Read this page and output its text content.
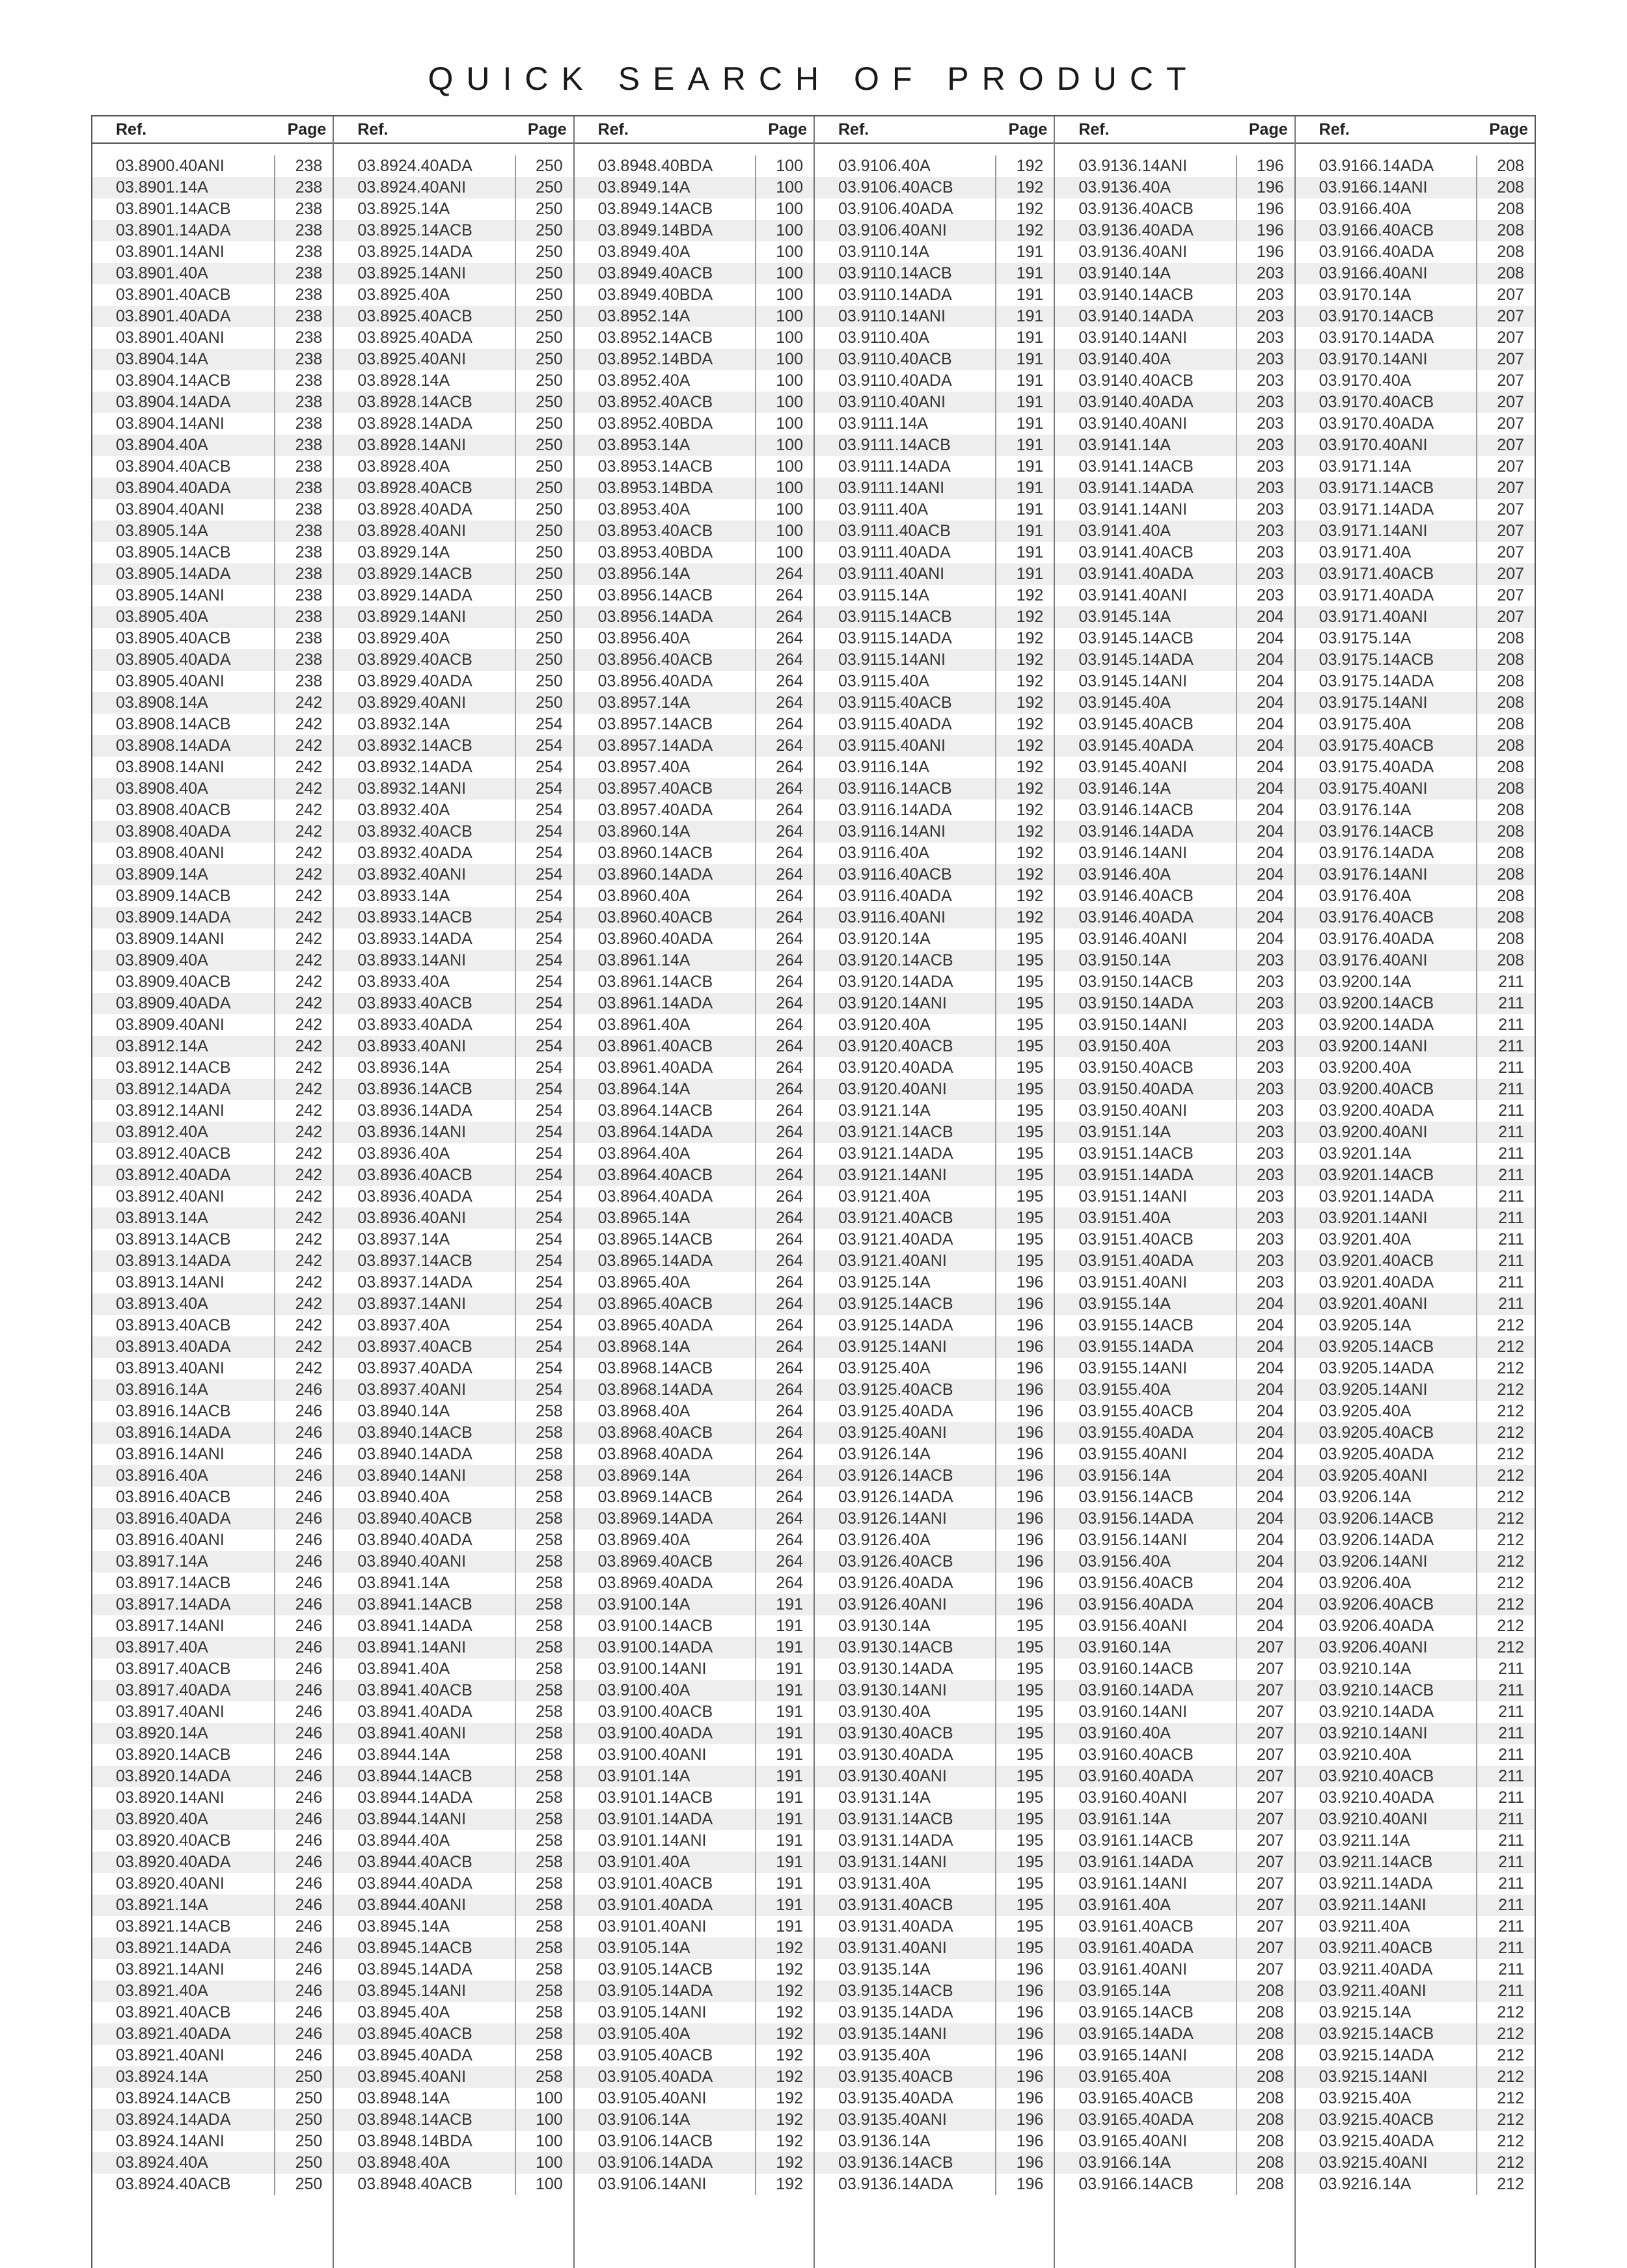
QUICK SEARCH OF PRODUCT
Ref.	Page
03.8900.40ANI	238
03.8901.14A	238
03.8901.14ACB	238
03.8901.14ADA	238
03.8901.14ANI	238
03.8901.40A	238
03.8901.40ACB	238
03.8901.40ADA	238
03.8901.40ANI	238
03.8904.14A	238
03.8904.14ACB	238
03.8904.14ADA	238
03.8904.14ANI	238
03.8904.40A	238
03.8904.40ACB	238
03.8904.40ADA	238
03.8904.40ANI	238
03.8905.14A	238
03.8905.14ACB	238
03.8905.14ADA	238
03.8905.14ANI	238
03.8905.40A	238
03.8905.40ACB	238
03.8905.40ADA	238
03.8905.40ANI	238
03.8908.14A	242
03.8908.14ACB	242
03.8908.14ADA	242
03.8908.14ANI	242
03.8908.40A	242
03.8908.40ACB	242
03.8908.40ADA	242
03.8908.40ANI	242
03.8909.14A	242
03.8909.14ACB	242
03.8909.14ADA	242
03.8909.14ANI	242
03.8909.40A	242
03.8909.40ACB	242
03.8909.40ADA	242
03.8909.40ANI	242
03.8912.14A	242
03.8912.14ACB	242
03.8912.14ADA	242
03.8912.14ANI	242
03.8912.40A	242
03.8912.40ACB	242
03.8912.40ADA	242
03.8912.40ANI	242
03.8913.14A	242
03.8913.14ACB	242
03.8913.14ADA	242
03.8913.14ANI	242
03.8913.40A	242
03.8913.40ACB	242
03.8913.40ADA	242
03.8913.40ANI	242
03.8916.14A	246
03.8916.14ACB	246
03.8916.14ADA	246
03.8916.14ANI	246
03.8916.40A	246
03.8916.40ACB	246
03.8916.40ADA	246
03.8916.40ANI	246
03.8917.14A	246
03.8917.14ACB	246
03.8917.14ADA	246
03.8917.14ANI	246
03.8917.40A	246
03.8917.40ACB	246
03.8917.40ADA	246
03.8917.40ANI	246
03.8920.14A	246
03.8920.14ACB	246
03.8920.14ADA	246
03.8920.14ANI	246
03.8920.40A	246
03.8920.40ACB	246
03.8920.40ADA	246
03.8920.40ANI	246
03.8921.14A	246
03.8921.14ACB	246
03.8921.14ADA	246
03.8921.14ANI	246
03.8921.40A	246
03.8921.40ACB	246
03.8921.40ADA	246
03.8921.40ANI	246
03.8924.14A	250
03.8924.14ACB	250
03.8924.14ADA	250
03.8924.14ANI	250
03.8924.40A	250
03.8924.40ACB	250
Ref.	Page
03.8924.40ADA	250
03.8924.40ANI	250
03.8925.14A	250
03.8925.14ACB	250
03.8925.14ADA	250
03.8925.14ANI	250
03.8925.40A	250
03.8925.40ACB	250
03.8925.40ADA	250
03.8925.40ANI	250
03.8928.14A	250
03.8928.14ACB	250
03.8928.14ADA	250
03.8928.14ANI	250
03.8928.40A	250
03.8928.40ACB	250
03.8928.40ADA	250
03.8928.40ANI	250
03.8929.14A	250
03.8929.14ACB	250
03.8929.14ADA	250
03.8929.14ANI	250
03.8929.40A	250
03.8929.40ACB	250
03.8929.40ADA	250
03.8929.40ANI	250
03.8932.14A	254
03.8932.14ACB	254
03.8932.14ADA	254
03.8932.14ANI	254
03.8932.40A	254
03.8932.40ACB	254
03.8932.40ADA	254
03.8932.40ANI	254
03.8933.14A	254
03.8933.14ACB	254
03.8933.14ADA	254
03.8933.14ANI	254
03.8933.40A	254
03.8933.40ACB	254
03.8933.40ADA	254
03.8933.40ANI	254
03.8936.14A	254
03.8936.14ACB	254
03.8936.14ADA	254
03.8936.14ANI	254
03.8936.40A	254
03.8936.40ACB	254
03.8936.40ADA	254
03.8936.40ANI	254
03.8937.14A	254
03.8937.14ACB	254
03.8937.14ADA	254
03.8937.14ANI	254
03.8937.40A	254
03.8937.40ACB	254
03.8937.40ADA	254
03.8937.40ANI	254
03.8940.14A	258
03.8940.14ACB	258
03.8940.14ADA	258
03.8940.14ANI	258
03.8940.40A	258
03.8940.40ACB	258
03.8940.40ADA	258
03.8940.40ANI	258
03.8941.14A	258
03.8941.14ACB	258
03.8941.14ADA	258
03.8941.14ANI	258
03.8941.40A	258
03.8941.40ACB	258
03.8941.40ADA	258
03.8941.40ANI	258
03.8944.14A	258
03.8944.14ACB	258
03.8944.14ADA	258
03.8944.14ANI	258
03.8944.40A	258
03.8944.40ACB	258
03.8944.40ADA	258
03.8944.40ANI	258
03.8945.14A	258
03.8945.14ACB	258
03.8945.14ADA	258
03.8945.14ANI	258
03.8945.40A	258
03.8945.40ACB	258
03.8945.40ADA	258
03.8945.40ANI	258
03.8948.14A	100
03.8948.14ACB	100
03.8948.14BDA	100
03.8948.40A	100
03.8948.40ACB	100
Ref.	Page
03.8948.40BDA	100
03.8949.14A	100
03.8949.14ACB	100
03.8949.14BDA	100
03.8949.40A	100
03.8949.40ACB	100
03.8949.40BDA	100
03.8952.14A	100
03.8952.14ACB	100
03.8952.14BDA	100
03.8952.40A	100
03.8952.40ACB	100
03.8952.40BDA	100
03.8953.14A	100
03.8953.14ACB	100
03.8953.14BDA	100
03.8953.40A	100
03.8953.40ACB	100
03.8953.40BDA	100
03.8956.14A	264
03.8956.14ACB	264
03.8956.14ADA	264
03.8956.40A	264
03.8956.40ACB	264
03.8956.40ADA	264
03.8957.14A	264
03.8957.14ACB	264
03.8957.14ADA	264
03.8957.40A	264
03.8957.40ACB	264
03.8957.40ADA	264
03.8960.14A	264
03.8960.14ACB	264
03.8960.14ADA	264
03.8960.40A	264
03.8960.40ACB	264
03.8960.40ADA	264
03.8961.14A	264
03.8961.14ACB	264
03.8961.14ADA	264
03.8961.40A	264
03.8961.40ACB	264
03.8961.40ADA	264
03.8964.14A	264
03.8964.14ACB	264
03.8964.14ADA	264
03.8964.40A	264
03.8964.40ACB	264
03.8964.40ADA	264
03.8965.14A	264
03.8965.14ACB	264
03.8965.14ADA	264
03.8965.40A	264
03.8965.40ACB	264
03.8965.40ADA	264
03.8968.14A	264
03.8968.14ACB	264
03.8968.14ADA	264
03.8968.40A	264
03.8968.40ACB	264
03.8968.40ADA	264
03.8969.14A	264
03.8969.14ACB	264
03.8969.14ADA	264
03.8969.40A	264
03.8969.40ACB	264
03.8969.40ADA	264
03.9100.14A	191
03.9100.14ACB	191
03.9100.14ADA	191
03.9100.14ANI	191
03.9100.40A	191
03.9100.40ACB	191
03.9100.40ADA	191
03.9100.40ANI	191
03.9101.14A	191
03.9101.14ACB	191
03.9101.14ADA	191
03.9101.14ANI	191
03.9101.40A	191
03.9101.40ACB	191
03.9101.40ADA	191
03.9101.40ANI	191
03.9105.14A	192
03.9105.14ACB	192
03.9105.14ADA	192
03.9105.14ANI	192
03.9105.40A	192
03.9105.40ACB	192
03.9105.40ADA	192
03.9105.40ANI	192
03.9106.14A	192
03.9106.14ACB	192
03.9106.14ADA	192
03.9106.14ANI	192
Ref.	Page
03.9106.40A	192
03.9106.40ACB	192
03.9106.40ADA	192
03.9106.40ANI	192
03.9110.14A	191
03.9110.14ACB	191
03.9110.14ADA	191
03.9110.14ANI	191
03.9110.40A	191
03.9110.40ACB	191
03.9110.40ADA	191
03.9110.40ANI	191
03.9111.14A	191
03.9111.14ACB	191
03.9111.14ADA	191
03.9111.14ANI	191
03.9111.40A	191
03.9111.40ACB	191
03.9111.40ADA	191
03.9111.40ANI	191
03.9115.14A	192
03.9115.14ACB	192
03.9115.14ADA	192
03.9115.14ANI	192
03.9115.40A	192
03.9115.40ACB	192
03.9115.40ADA	192
03.9115.40ANI	192
03.9116.14A	192
03.9116.14ACB	192
03.9116.14ADA	192
03.9116.14ANI	192
03.9116.40A	192
03.9116.40ACB	192
03.9116.40ADA	192
03.9116.40ANI	192
03.9120.14A	195
03.9120.14ACB	195
03.9120.14ADA	195
03.9120.14ANI	195
03.9120.40A	195
03.9120.40ACB	195
03.9120.40ADA	195
03.9120.40ANI	195
03.9121.14A	195
03.9121.14ACB	195
03.9121.14ADA	195
03.9121.14ANI	195
03.9121.40A	195
03.9121.40ACB	195
03.9121.40ADA	195
03.9121.40ANI	195
03.9125.14A	196
03.9125.14ACB	196
03.9125.14ADA	196
03.9125.14ANI	196
03.9125.40A	196
03.9125.40ACB	196
03.9125.40ADA	196
03.9125.40ANI	196
03.9126.14A	196
03.9126.14ACB	196
03.9126.14ADA	196
03.9126.14ANI	196
03.9126.40A	196
03.9126.40ACB	196
03.9126.40ADA	196
03.9126.40ANI	196
03.9130.14A	195
03.9130.14ACB	195
03.9130.14ADA	195
03.9130.14ANI	195
03.9130.40A	195
03.9130.40ACB	195
03.9130.40ADA	195
03.9130.40ANI	195
03.9131.14A	195
03.9131.14ACB	195
03.9131.14ADA	195
03.9131.14ANI	195
03.9131.40A	195
03.9131.40ACB	195
03.9131.40ADA	195
03.9131.40ANI	195
03.9135.14A	196
03.9135.14ACB	196
03.9135.14ADA	196
03.9135.14ANI	196
03.9135.40A	196
03.9135.40ACB	196
03.9135.40ADA	196
03.9135.40ANI	196
03.9136.14A	196
03.9136.14ACB	196
03.9136.14ADA	196
Ref.	Page
03.9136.14ANI	196
03.9136.40A	196
03.9136.40ACB	196
03.9136.40ADA	196
03.9136.40ANI	196
03.9140.14A	203
03.9140.14ACB	203
03.9140.14ADA	203
03.9140.14ANI	203
03.9140.40A	203
03.9140.40ACB	203
03.9140.40ADA	203
03.9140.40ANI	203
03.9141.14A	203
03.9141.14ACB	203
03.9141.14ADA	203
03.9141.14ANI	203
03.9141.40A	203
03.9141.40ACB	203
03.9141.40ADA	203
03.9141.40ANI	203
03.9145.14A	204
03.9145.14ACB	204
03.9145.14ADA	204
03.9145.14ANI	204
03.9145.40A	204
03.9145.40ACB	204
03.9145.40ADA	204
03.9145.40ANI	204
03.9146.14A	204
03.9146.14ACB	204
03.9146.14ADA	204
03.9146.14ANI	204
03.9146.40A	204
03.9146.40ACB	204
03.9146.40ADA	204
03.9146.40ANI	204
03.9150.14A	203
03.9150.14ACB	203
03.9150.14ADA	203
03.9150.14ANI	203
03.9150.40A	203
03.9150.40ACB	203
03.9150.40ADA	203
03.9150.40ANI	203
03.9151.14A	203
03.9151.14ACB	203
03.9151.14ADA	203
03.9151.14ANI	203
03.9151.40A	203
03.9151.40ACB	203
03.9151.40ADA	203
03.9151.40ANI	203
03.9155.14A	204
03.9155.14ACB	204
03.9155.14ADA	204
03.9155.14ANI	204
03.9155.40A	204
03.9155.40ACB	204
03.9155.40ADA	204
03.9155.40ANI	204
03.9156.14A	204
03.9156.14ACB	204
03.9156.14ADA	204
03.9156.14ANI	204
03.9156.40A	204
03.9156.40ACB	204
03.9156.40ADA	204
03.9156.40ANI	204
03.9160.14A	207
03.9160.14ACB	207
03.9160.14ADA	207
03.9160.14ANI	207
03.9160.40A	207
03.9160.40ACB	207
03.9160.40ADA	207
03.9160.40ANI	207
03.9161.14A	207
03.9161.14ACB	207
03.9161.14ADA	207
03.9161.14ANI	207
03.9161.40A	207
03.9161.40ACB	207
03.9161.40ADA	207
03.9161.40ANI	207
03.9165.14A	208
03.9165.14ACB	208
03.9165.14ADA	208
03.9165.14ANI	208
03.9165.40A	208
03.9165.40ACB	208
03.9165.40ADA	208
03.9165.40ANI	208
03.9166.14A	208
03.9166.14ACB	208
Ref.	Page
03.9166.14ADA	208
03.9166.14ANI	208
03.9166.40A	208
03.9166.40ACB	208
03.9166.40ADA	208
03.9166.40ANI	208
03.9170.14A	207
03.9170.14ACB	207
03.9170.14ADA	207
03.9170.14ANI	207
03.9170.40A	207
03.9170.40ACB	207
03.9170.40ADA	207
03.9170.40ANI	207
03.9171.14A	207
03.9171.14ACB	207
03.9171.14ADA	207
03.9171.14ANI	207
03.9171.40A	207
03.9171.40ACB	207
03.9171.40ADA	207
03.9171.40ANI	207
03.9175.14A	208
03.9175.14ACB	208
03.9175.14ADA	208
03.9175.14ANI	208
03.9175.40A	208
03.9175.40ACB	208
03.9175.40ADA	208
03.9175.40ANI	208
03.9176.14A	208
03.9176.14ACB	208
03.9176.14ADA	208
03.9176.14ANI	208
03.9176.40A	208
03.9176.40ACB	208
03.9176.40ADA	208
03.9176.40ANI	208
03.9200.14A	211
03.9200.14ACB	211
03.9200.14ADA	211
03.9200.14ANI	211
03.9200.40A	211
03.9200.40ACB	211
03.9200.40ADA	211
03.9200.40ANI	211
03.9201.14A	211
03.9201.14ACB	211
03.9201.14ADA	211
03.9201.14ANI	211
03.9201.40A	211
03.9201.40ACB	211
03.9201.40ADA	211
03.9201.40ANI	211
03.9205.14A	212
03.9205.14ACB	212
03.9205.14ADA	212
03.9205.14ANI	212
03.9205.40A	212
03.9205.40ACB	212
03.9205.40ADA	212
03.9205.40ANI	212
03.9206.14A	212
03.9206.14ACB	212
03.9206.14ADA	212
03.9206.14ANI	212
03.9206.40A	212
03.9206.40ACB	212
03.9206.40ADA	212
03.9206.40ANI	212
03.9210.14A	211
03.9210.14ACB	211
03.9210.14ADA	211
03.9210.14ANI	211
03.9210.40A	211
03.9210.40ACB	211
03.9210.40ADA	211
03.9210.40ANI	211
03.9211.14A	211
03.9211.14ACB	211
03.9211.14ADA	211
03.9211.14ANI	211
03.9211.40A	211
03.9211.40ACB	211
03.9211.40ADA	211
03.9211.40ANI	211
03.9215.14A	212
03.9215.14ACB	212
03.9215.14ADA	212
03.9215.14ANI	212
03.9215.40A	212
03.9215.40ACB	212
03.9215.40ADA	212
03.9215.40ANI	212
03.9216.14A	212
